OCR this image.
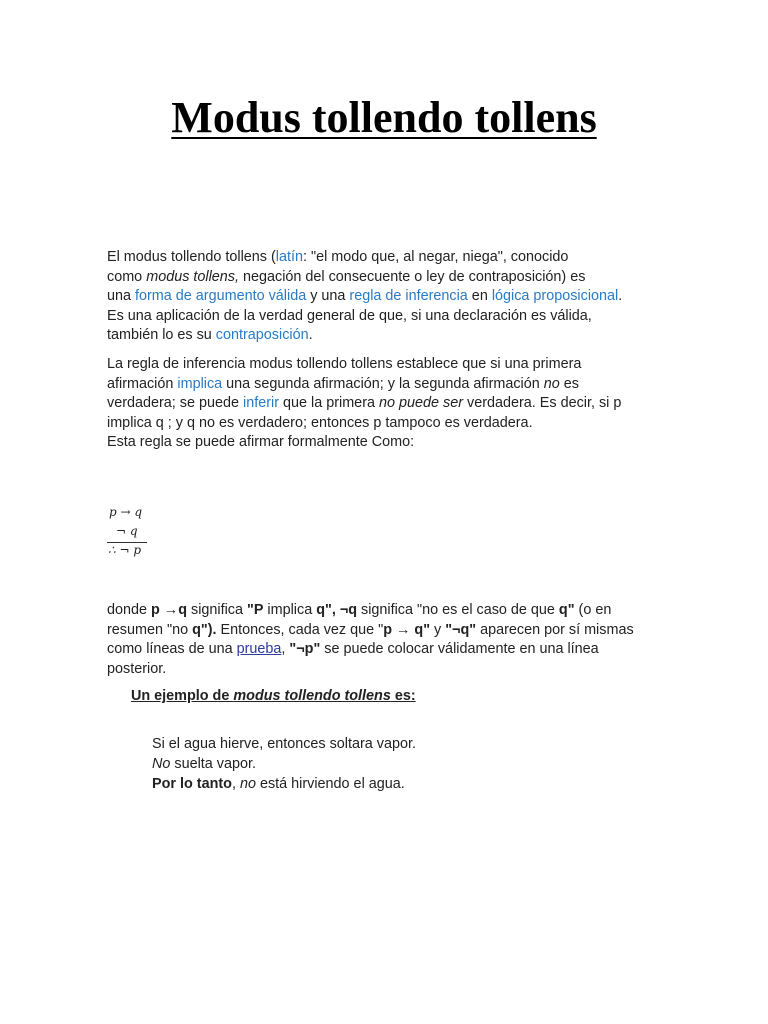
Modus tollendo tollens

El modus tollendo tollens (latín: "el modo que, al negar, niega", conocido
como modus tollens, negación del consecuente o ley de contraposición) es
una forma de argumento válida y una regla de inferencia en lógica proposicional.
Es una aplicación de la verdad general de que, si una declaración es válida,
también lo es su contraposición.

La regla de inferencia modus tollendo tollens establece que si una primera
afirmación implica una segunda afirmación; y la segunda afirmación no es
verdadera; se puede inferir que la primera no puede ser verdadera. Es decir, si p
implica q ; y q no es verdadero; entonces p tampoco es verdadera.
Esta regla se puede afirmar formalmente Como:

p → q
¬ q
∴ ¬ p

donde p →q significa "P implica q", ¬q significa "no es el caso de que q" (o en
resumen "no q"). Entonces, cada vez que "p → q" y "¬q" aparecen por sí mismas
como líneas de una prueba, "¬p" se puede colocar válidamente en una línea
posterior.

Un ejemplo de modus tollendo tollens es:

Si el agua hierve, entonces soltara vapor.
No suelta vapor.
Por lo tanto, no está hirviendo el agua.
